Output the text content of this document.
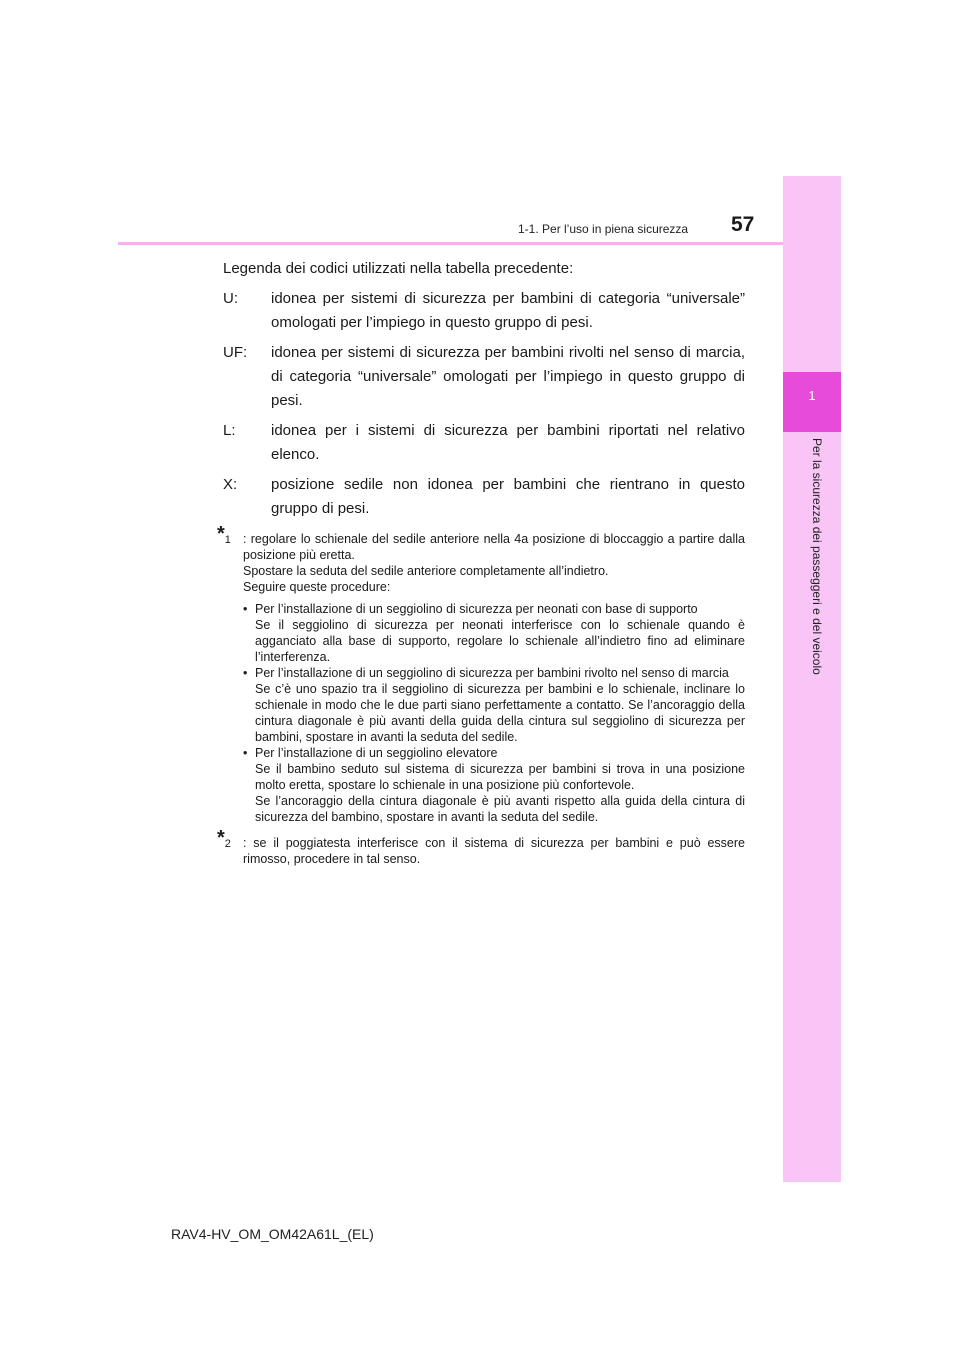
1
Per la sicurezza dei passeggeri e del veicolo
1-1. Per l’uso in piena sicurezza 57
Legenda dei codici utilizzati nella tabella precedente:
U: idonea per sistemi di sicurezza per bambini di categoria “universale” omologati per l’impiego in questo gruppo di pesi.
UF: idonea per sistemi di sicurezza per bambini rivolti nel senso di marcia, di categoria “universale” omologati per l’impiego in questo gruppo di pesi.
L: idonea per i sistemi di sicurezza per bambini riportati nel relativo elenco.
X: posizione sedile non idonea per bambini che rientrano in questo gruppo di pesi.
*$^1$ : regolare lo schienale del sedile anteriore nella 4a posizione di bloccaggio a partire dalla posizione più eretta.

Spostare la seduta del sedile anteriore completamente all’indietro.

Seguire queste procedure:

• Per l’installazione di un seggiolino di sicurezza per neonati con base di supporto

Se il seggiolino di sicurezza per neonati interferisce con lo schienale quando è agganciato alla base di supporto, regolare lo schienale all’indietro fino ad eliminare l’interferenza.

• Per l’installazione di un seggiolino di sicurezza per bambini rivolto nel senso di marcia

Se c’è uno spazio tra il seggiolino di sicurezza per bambini e lo schienale, inclinare lo schienale in modo che le due parti siano perfettamente a contatto. Se l’ancoraggio della cintura diagonale è più avanti della guida della cintura sul seggiolino di sicurezza per bambini, spostare in avanti la seduta del sedile.

• Per l’installazione di un seggiolino elevatore

Se il bambino seduto sul sistema di sicurezza per bambini si trova in una posizione molto eretta, spostare lo schienale in una posizione più confortevole.

Se l’ancoraggio della cintura diagonale è più avanti rispetto alla guida della cintura di sicurezza del bambino, spostare in avanti la seduta del sedile.

*$^2$ : se il poggiatesta interferisce con il sistema di sicurezza per bambini e può essere rimosso, procedere in tal senso.

RAV4-HV_OM_OM42A61L_(EL)
